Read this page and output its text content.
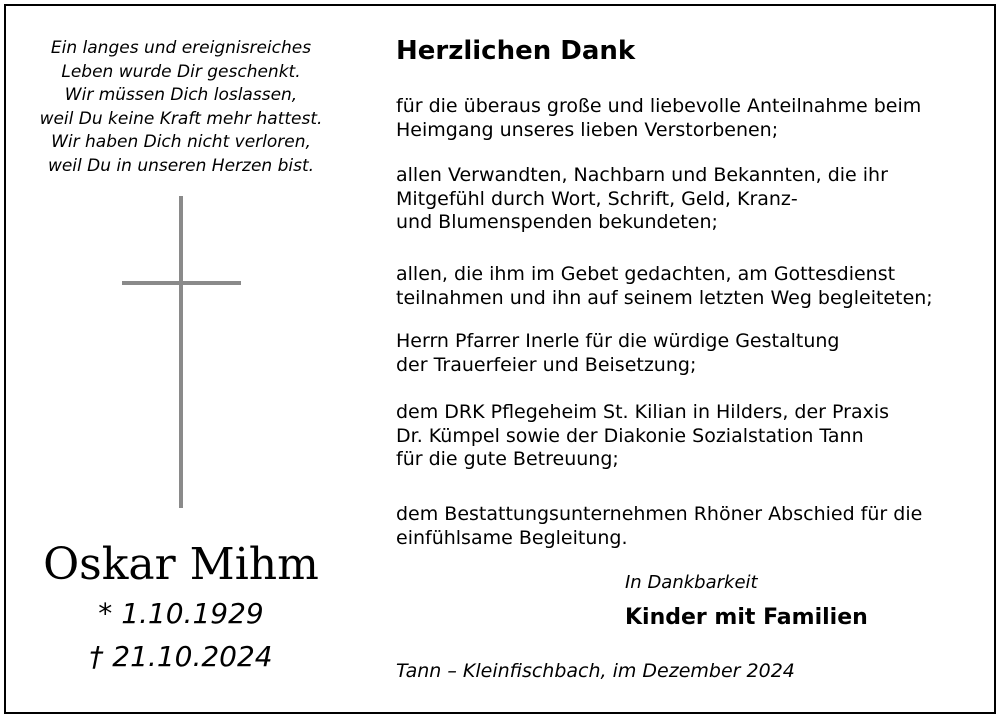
Ein langes und ereignisreiches
Leben wurde Dir geschenkt.
Wir müssen Dich loslassen,
weil Du keine Kraft mehr hattest.
Wir haben Dich nicht verloren,
weil Du in unseren Herzen bist.
Oskar Mihm
* 1.10.1929
† 21.10.2024
Herzlichen Dank
für die überaus große und liebevolle Anteilnahme beim
Heimgang unseres lieben Verstorbenen;
allen Verwandten, Nachbarn und Bekannten, die ihr
Mitgefühl durch Wort, Schrift, Geld, Kranz-
und Blumenspenden bekundeten;
allen, die ihm im Gebet gedachten, am Gottesdienst
teilnahmen und ihn auf seinem letzten Weg begleiteten;
Herrn Pfarrer Inerle für die würdige Gestaltung
der Trauerfeier und Beisetzung;
dem DRK Pflegeheim St. Kilian in Hilders, der Praxis
Dr. Kümpel sowie der Diakonie Sozialstation Tann
für die gute Betreuung;
dem Bestattungsunternehmen Rhöner Abschied für die
einfühlsame Begleitung.
In Dankbarkeit
Kinder mit Familien
Tann – Kleinfischbach, im Dezember 2024
